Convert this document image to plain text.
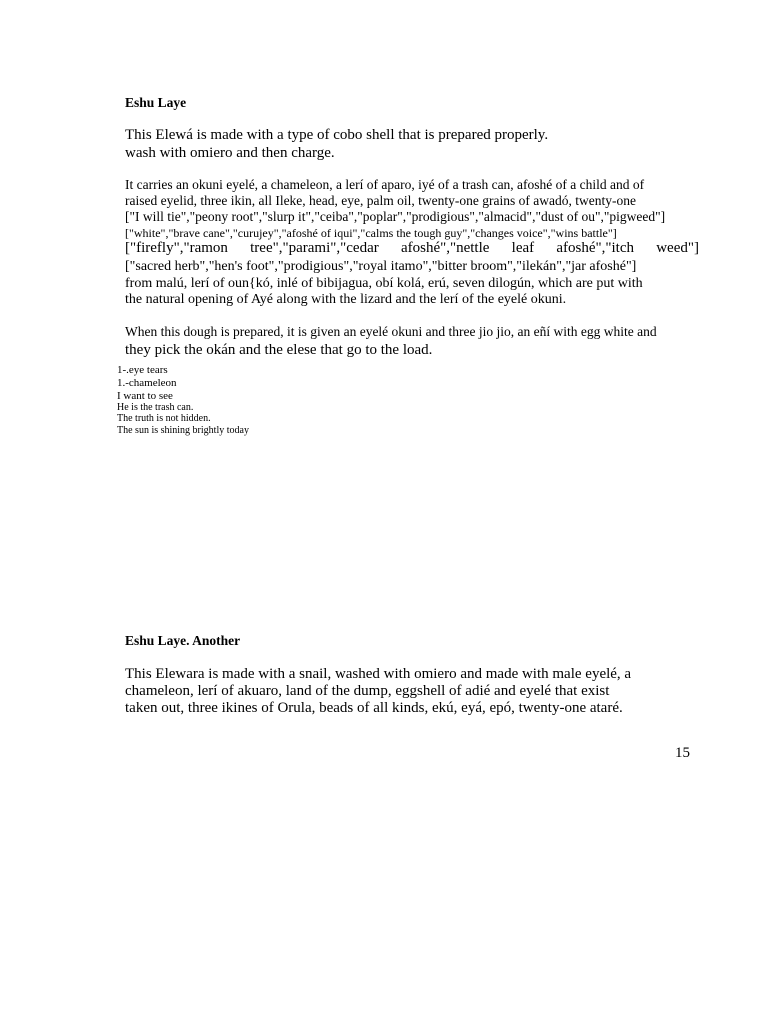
Eshu Laye
This Elewá is made with a type of cobo shell that is prepared properly.
wash with omiero and then charge.
It carries an okuni eyelé, a chameleon, a lerí of aparo, iyé of a trash can, afoshé of a child and of
raised eyelid, three ikin, all Ileke, head, eye, palm oil, twenty-one grains of awadó, twenty-one
["I will tie","peony root","slurp it","ceiba","poplar","prodigious","almacid","dust of ou","pigweed"]
["white","brave cane","curujey","afoshé of iqui","calms the tough guy","changes voice","wins battle"]
["firefly","ramon tree","parami","cedar afoshé","nettle leaf afoshé","itch weed"]
["sacred herb","hen's foot","prodigious","royal itamo","bitter broom","ilekán","jar afoshé"]
from malú, lerí of oun{kó, inlé of bibijagua, obí kolá, erú, seven dilogún, which are put with
the natural opening of Ayé along with the lizard and the lerí of the eyelé okuni.
When this dough is prepared, it is given an eyelé okuni and three jio jio, an eñí with egg white and
they pick the okán and the elese that go to the load.
1-.eye tears
1.-chameleon
I want to see
He is the trash can.
The truth is not hidden.
The sun is shining brightly today
Eshu Laye. Another
This Elewara is made with a snail, washed with omiero and made with male eyelé, a
chameleon, lerí of akuaro, land of the dump, eggshell of adié and eyelé that exist
taken out, three ikines of Orula, beads of all kinds, ekú, eyá, epó, twenty-one ataré.
15
